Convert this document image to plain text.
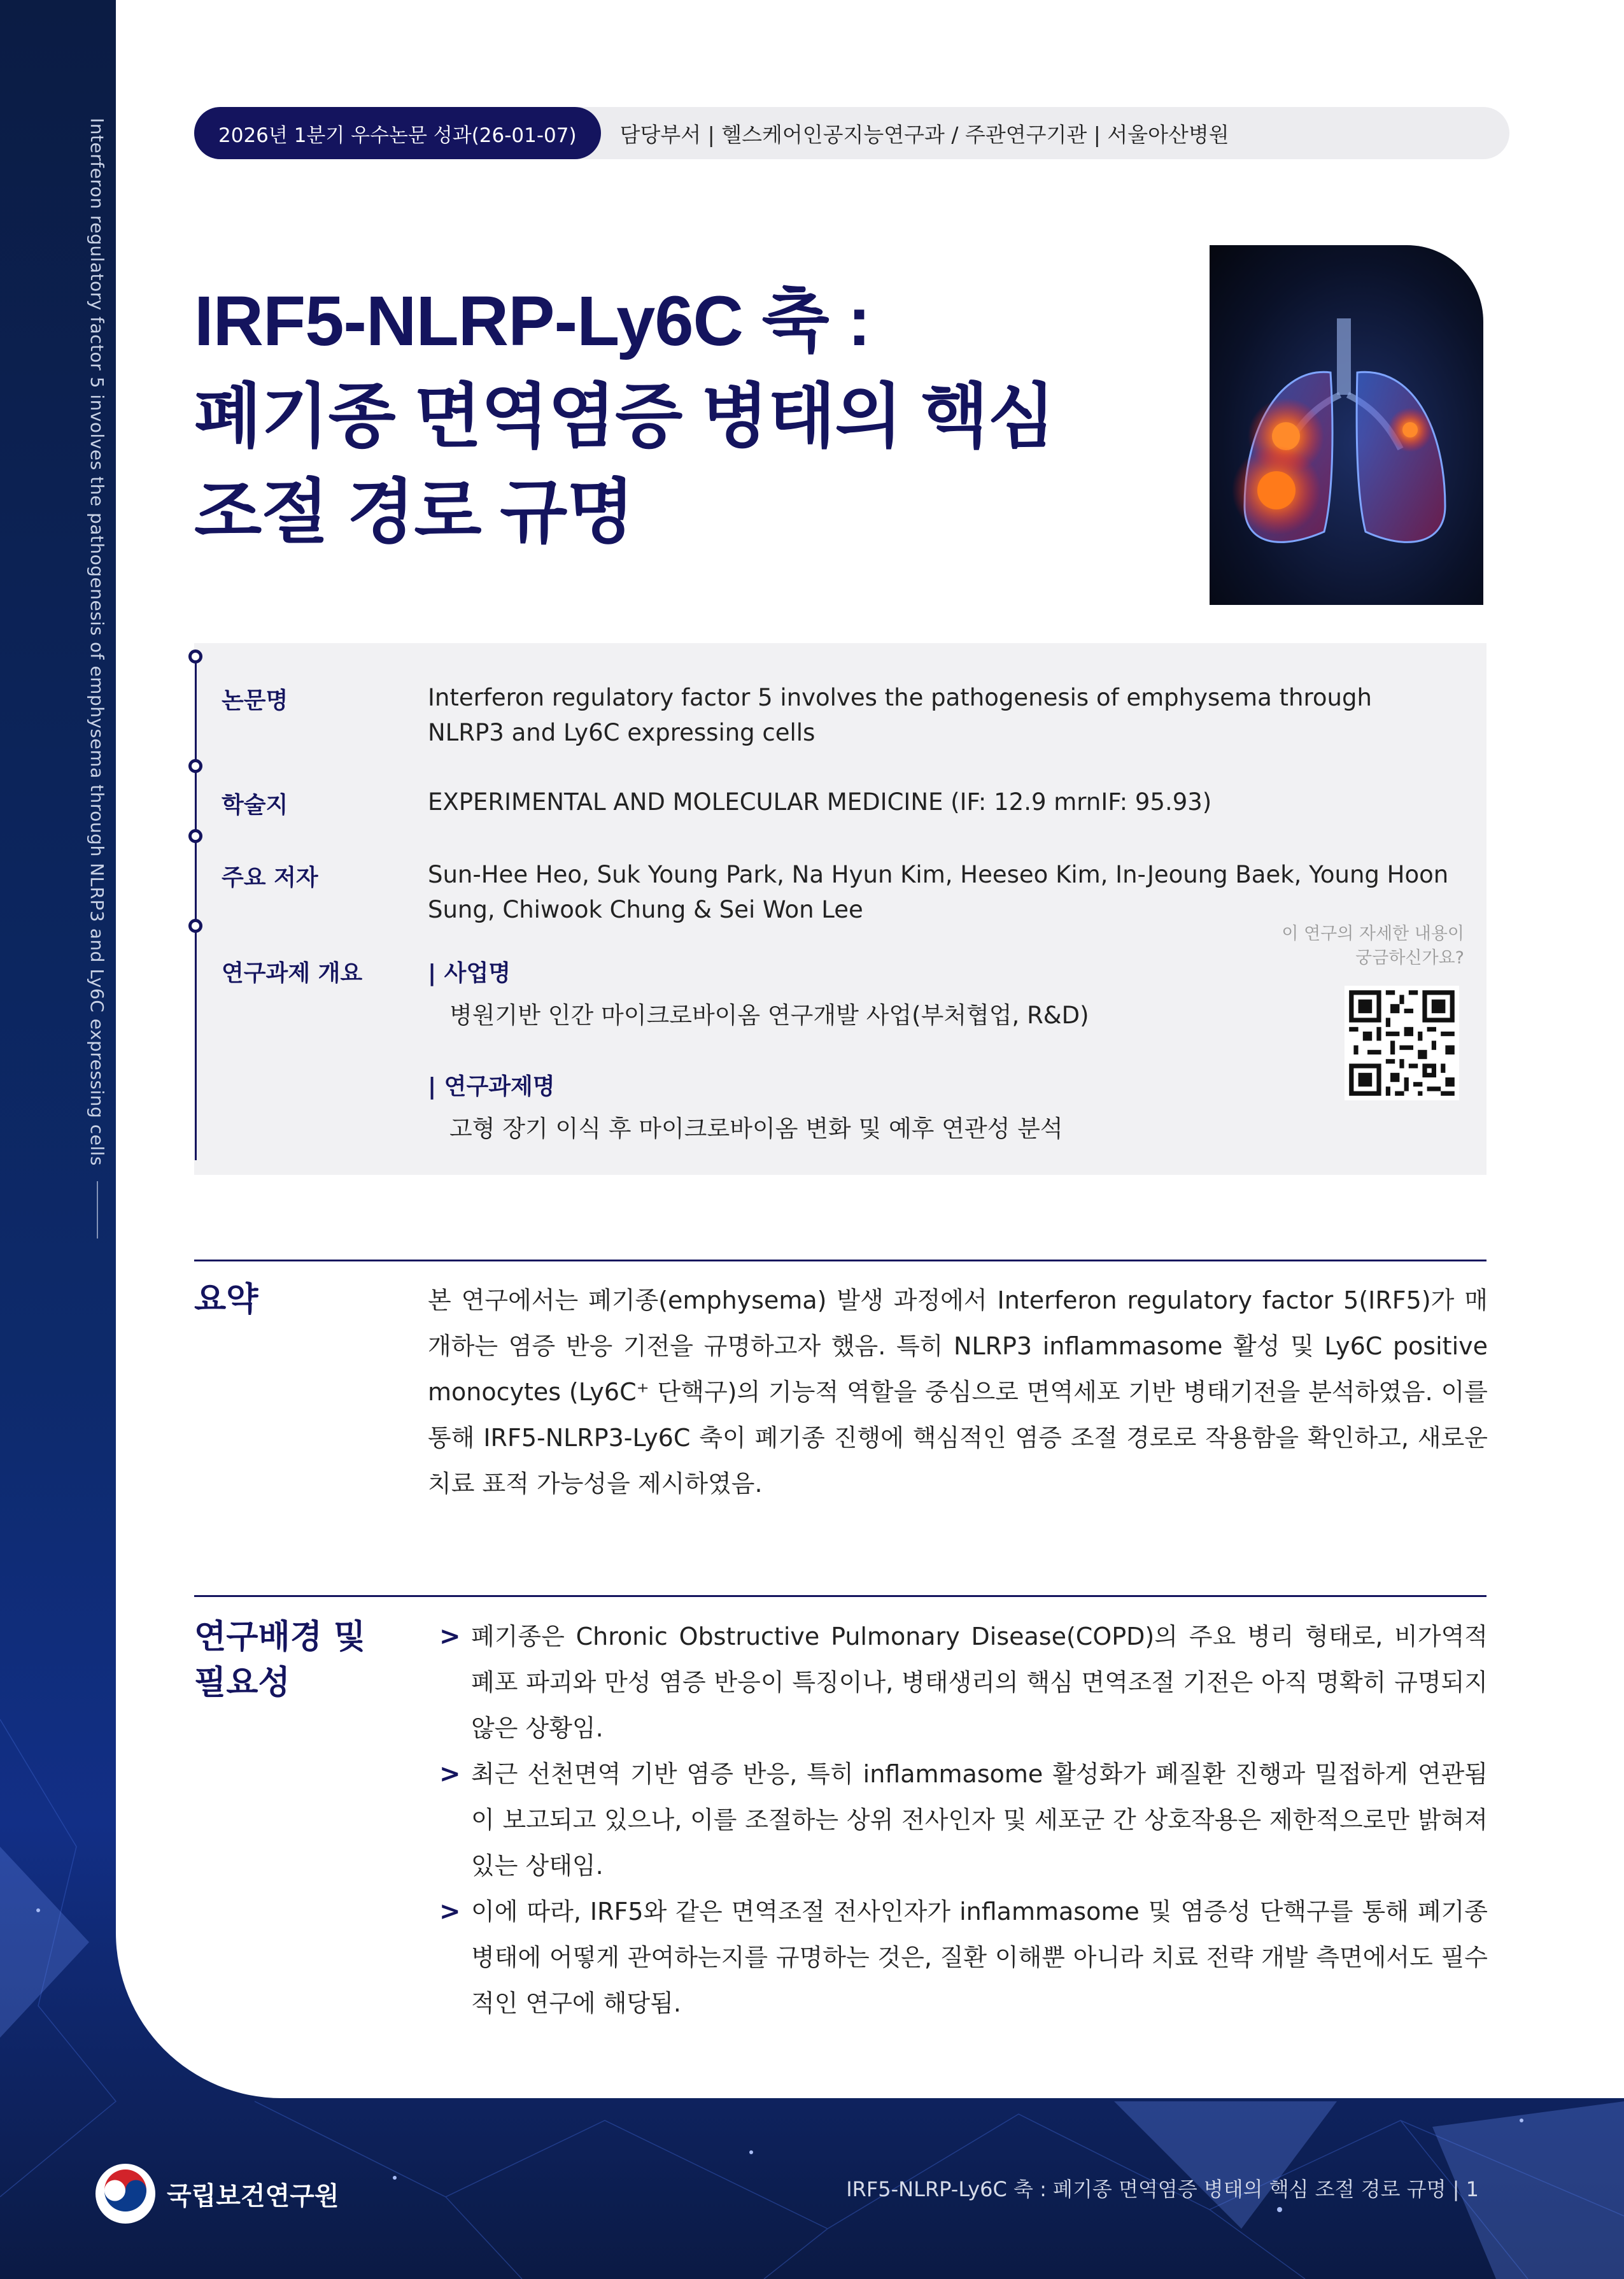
Interferon regulatory factor 5 involves the pathogenesis of emphysema through NLRP3 and Ly6C expressing cells	2026년 1분기 우수논문 성과(26-01-07)	담당부서 | 헬스케어인공지능연구과 / 주관연구기관 | 서울아산병원
IRF5-NLRP-Ly6C 축 :
폐기종 면역염증 병태의 핵심
조절 경로 규명
논문명	Interferon regulatory factor 5 involves the pathogenesis of emphysema through NLRP3 and Ly6C expressing cells
학술지	EXPERIMENTAL AND MOLECULAR MEDICINE (IF: 12.9 mrnIF: 95.93)
주요 저자	Sun-Hee Heo, Suk Young Park, Na Hyun Kim, Heeseo Kim, In-Jeoung Baek, Young Hoon Sung, Chiwook Chung & Sei Won Lee
연구과제 개요	| 사업명
병원기반 인간 마이크로바이옴 연구개발 사업(부처협업, R&D)
| 연구과제명
고형 장기 이식 후 마이크로바이옴 변화 및 예후 연관성 분석
이 연구의 자세한 내용이
궁금하신가요?
요약	본 연구에서는 폐기종(emphysema) 발생 과정에서 Interferon regulatory factor 5(IRF5)가 매개하는 염증 반응 기전을 규명하고자 했음. 특히 NLRP3 inflammasome 활성 및 Ly6C positive monocytes (Ly6C⁺ 단핵구)의 기능적 역할을 중심으로 면역세포 기반 병태기전을 분석하였음. 이를 통해 IRF5-NLRP3-Ly6C 축이 폐기종 진행에 핵심적인 염증 조절 경로로 작용함을 확인하고, 새로운 치료 표적 가능성을 제시하였음.
연구배경 및
필요성
> 폐기종은 Chronic Obstructive Pulmonary Disease(COPD)의 주요 병리 형태로, 비가역적 폐포 파괴와 만성 염증 반응이 특징이나, 병태생리의 핵심 면역조절 기전은 아직 명확히 규명되지 않은 상황임.
> 최근 선천면역 기반 염증 반응, 특히 inflammasome 활성화가 폐질환 진행과 밀접하게 연관됨이 보고되고 있으나, 이를 조절하는 상위 전사인자 및 세포군 간 상호작용은 제한적으로만 밝혀져 있는 상태임.
> 이에 따라, IRF5와 같은 면역조절 전사인자가 inflammasome 및 염증성 단핵구를 통해 폐기종 병태에 어떻게 관여하는지를 규명하는 것은, 질환 이해뿐 아니라 치료 전략 개발 측면에서도 필수적인 연구에 해당됨.
국립보건연구원	IRF5-NLRP-Ly6C 축 : 폐기종 면역염증 병태의 핵심 조절 경로 규명 | 1
